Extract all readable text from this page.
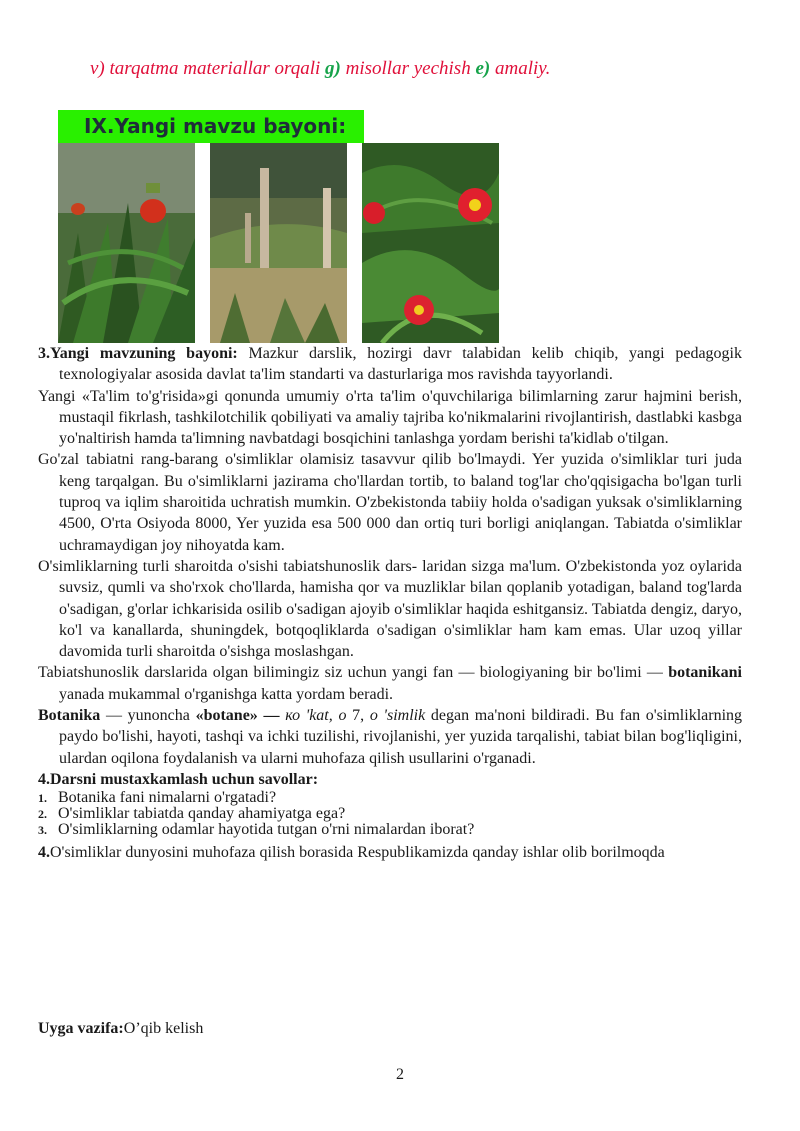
v) tarqatma materiallar orqali g) misollar yechish e) amaliy.
IX.Yangi mavzu bayoni:

3.Yangi mavzuning bayoni: Mazkur darslik, hozirgi davr talabidan kelib chiqib, yangi pedagogik texnologiyalar asosida davlat ta'lim standarti va dasturlariga mos ravishda tayyorlandi.

Yangi «Ta'lim to'g'risida»gi qonunda umumiy o'rta ta'lim o'quvchilariga bilimlarning zarur hajmini berish, mustaqil fikrlash, tashkilotchilik qobiliyati va amaliy tajriba ko'nikmalarini rivojlantirish, dastlabki kasbga yo'naltirish hamda ta'limning navbatdagi bosqichini tanlashga yordam berishi ta'kidlab o'tilgan.

Go'zal tabiatni rang-barang o'simliklar olamisiz tasavvur qilib bo'lmaydi. Yer yuzida o'simliklar turi juda keng tarqalgan. Bu o'simliklarni jazirama cho'llardan tortib, to baland tog'lar cho'qqisigacha bo'lgan turli tuproq va iqlim sharoitida uchratish mumkin. O'zbekistonda tabiiy holda o'sadigan yuksak o'simliklarning 4500, O'rta Osiyoda 8000, Yer yuzida esa 500 000 dan ortiq turi borligi aniqlangan. Tabiatda o'simliklar uchramaydigan joy nihoyatda kam.

O'simliklarning turli sharoitda o'sishi tabiatshunoslik dars- laridan sizga ma'lum. O'zbekistonda yoz oylarida suvsiz, qumli va sho'rxok cho'llarda, hamisha qor va muzliklar bilan qoplanib yotadigan, baland tog'larda o'sadigan, g'orlar ichkarisida osilib o'sadigan ajoyib o'simliklar haqida eshitgansiz. Tabiatda dengiz, daryo, ko'l va kanallarda, shuningdek, botqoqliklarda o'sadigan o'simliklar ham kam emas. Ular uzoq yillar davomida turli sharoitda o'sishga moslashgan.

Tabiatshunoslik darslarida olgan bilimingiz siz uchun yangi fan — biologiyaning bir bo'limi — botanikani yanada mukammal o'rganishga katta yordam beradi.

Botanika — yunoncha «botane» — ко 'kat, о 7, o 'simlik degan ma'noni bildiradi. Bu fan o'simliklarning paydo bo'lishi, hayoti, tashqi va ichki tuzilishi, rivojlanishi, yer yuzida tarqalishi, tabiat bilan bog'liqligini, ulardan oqilona foydalanish va ularni muhofaza qilish usullarini o'rganadi.

4.Darsni mustaxkamlash uchun savollar:

1. Botanika fani nimalarni o'rgatadi?

2. O'simliklar tabiatda qanday ahamiyatga ega?

3. O'simliklarning odamlar hayotida tutgan o'rni nimalardan iborat?

4.O'simliklar dunyosini muhofaza qilish borasida Respublikamizda qanday ishlar olib borilmoqda

Uyga vazifa:O’qib kelish
2
